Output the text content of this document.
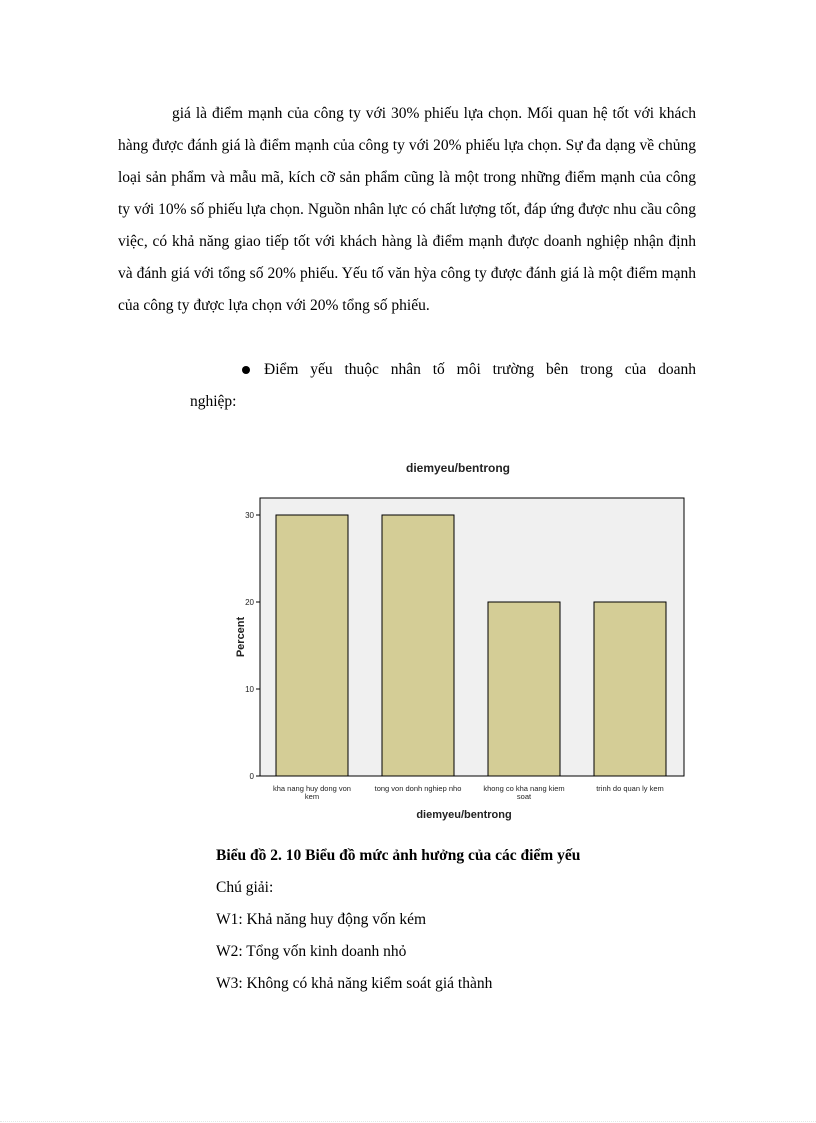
giá là điểm mạnh của công ty với 30% phiếu lựa chọn. Mối quan hệ tốt với khách hàng được đánh giá là điểm mạnh của công ty với 20% phiếu lựa chọn. Sự đa dạng về chủng loại sản phẩm và mẫu mã, kích cỡ sản phẩm cũng là một trong những điểm mạnh của công ty với 10% số phiếu lựa chọn. Nguồn nhân lực có chất lượng tốt, đáp ứng được nhu cầu công việc, có khả năng giao tiếp tốt với khách hàng là điểm mạnh được doanh nghiệp nhận định và đánh giá với tổng số 20% phiếu. Yếu tố văn hỳa công ty được đánh giá là một điểm mạnh của công ty được lựa chọn với 20% tổng số phiếu.

Điểm yếu thuộc nhân tố môi trường bên trong của doanh
nghiệp:
diemyeu/bentrong
0
10
20
30
kha nang huy dong von kem
tong von donh nghiep nho	khong co kha nang kiem soat
trinh do quan ly kem
Percent
diemyeu/bentrong
Biểu đồ 2. 10 Biểu đồ mức ảnh hưởng của các điểm yếu
Chú giải:
W1: Khả năng huy động vốn kém
W2: Tổng vốn kinh doanh nhỏ
W3: Không có khả năng kiểm soát giá thành
